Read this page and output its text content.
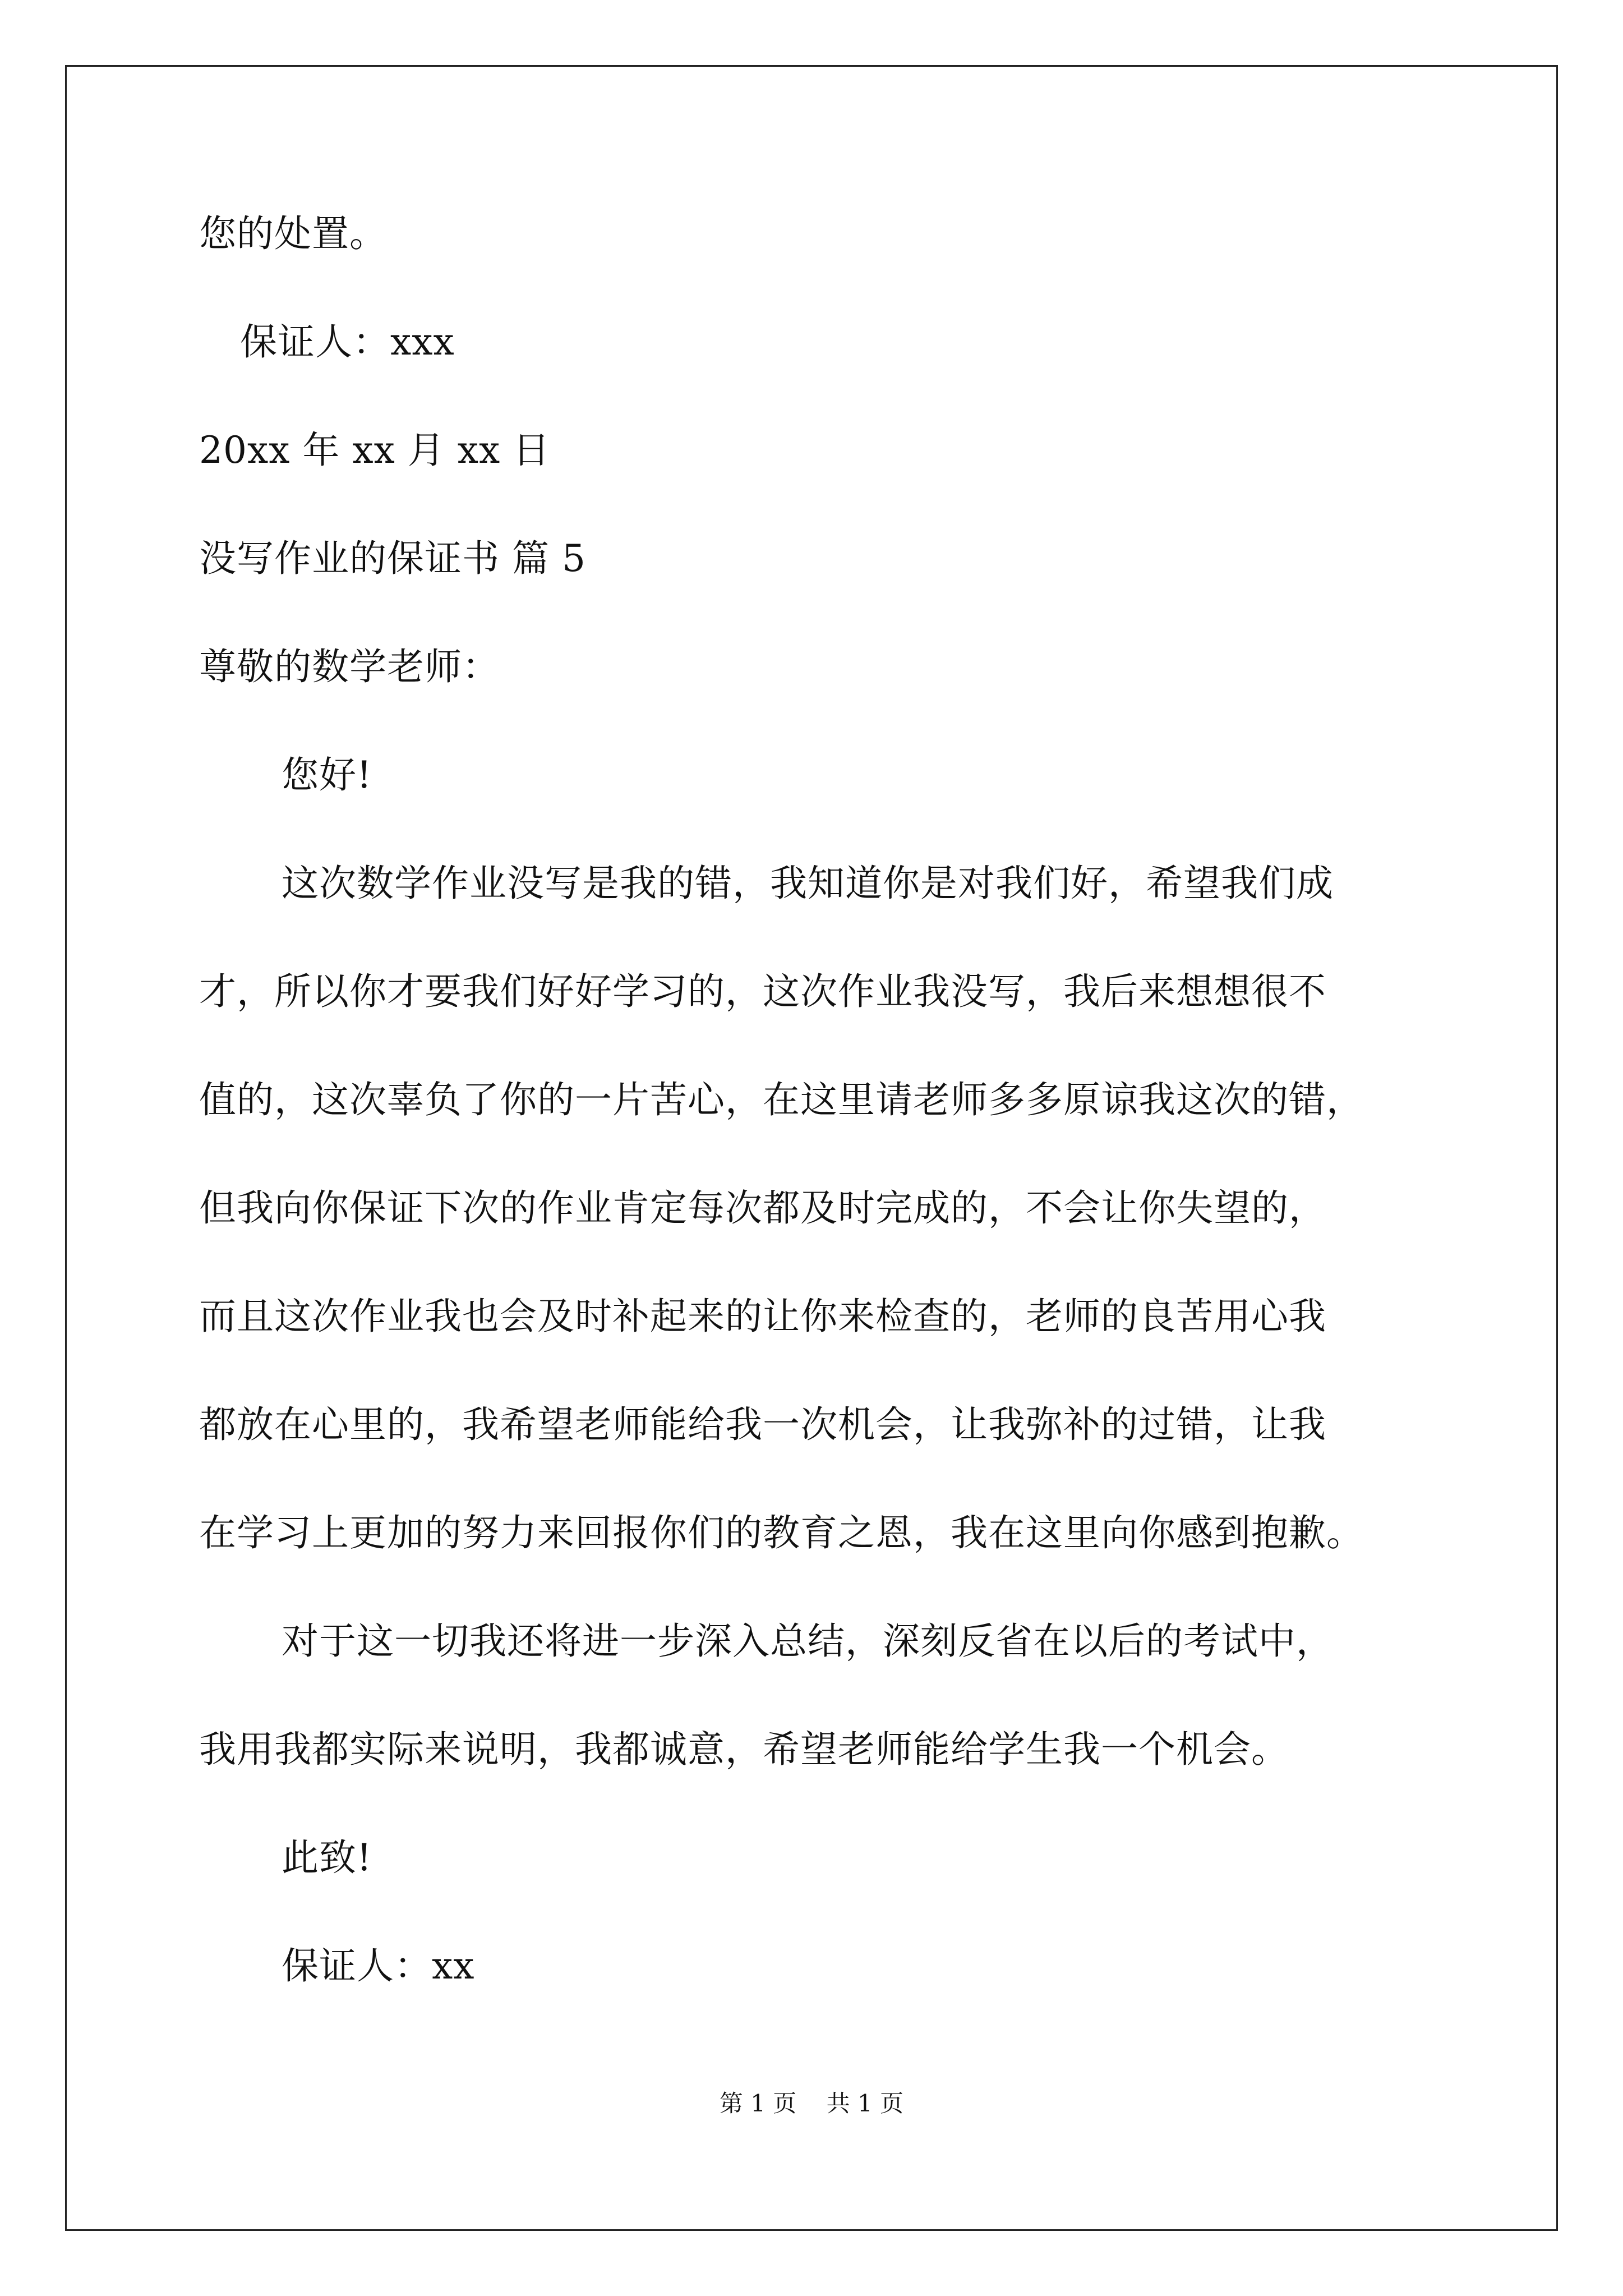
您的处置。
保证人：xxx
20xx 年 xx 月 xx 日
没写作业的保证书 篇 5
尊敬的数学老师：
您好!
这次数学作业没写是我的错，我知道你是对我们好，希望我们成
才，所以你才要我们好好学习的，这次作业我没写，我后来想想很不
值的，这次辜负了你的一片苦心，在这里请老师多多原谅我这次的错，
但我向你保证下次的作业肯定每次都及时完成的，不会让你失望的，
而且这次作业我也会及时补起来的让你来检查的，老师的良苦用心我
都放在心里的，我希望老师能给我一次机会，让我弥补的过错，让我
在学习上更加的努力来回报你们的教育之恩，我在这里向你感到抱歉。
对于这一切我还将进一步深入总结，深刻反省在以后的考试中，
我用我都实际来说明，我都诚意，希望老师能给学生我一个机会。
此致!
保证人：xx
第 1 页    共 1 页
